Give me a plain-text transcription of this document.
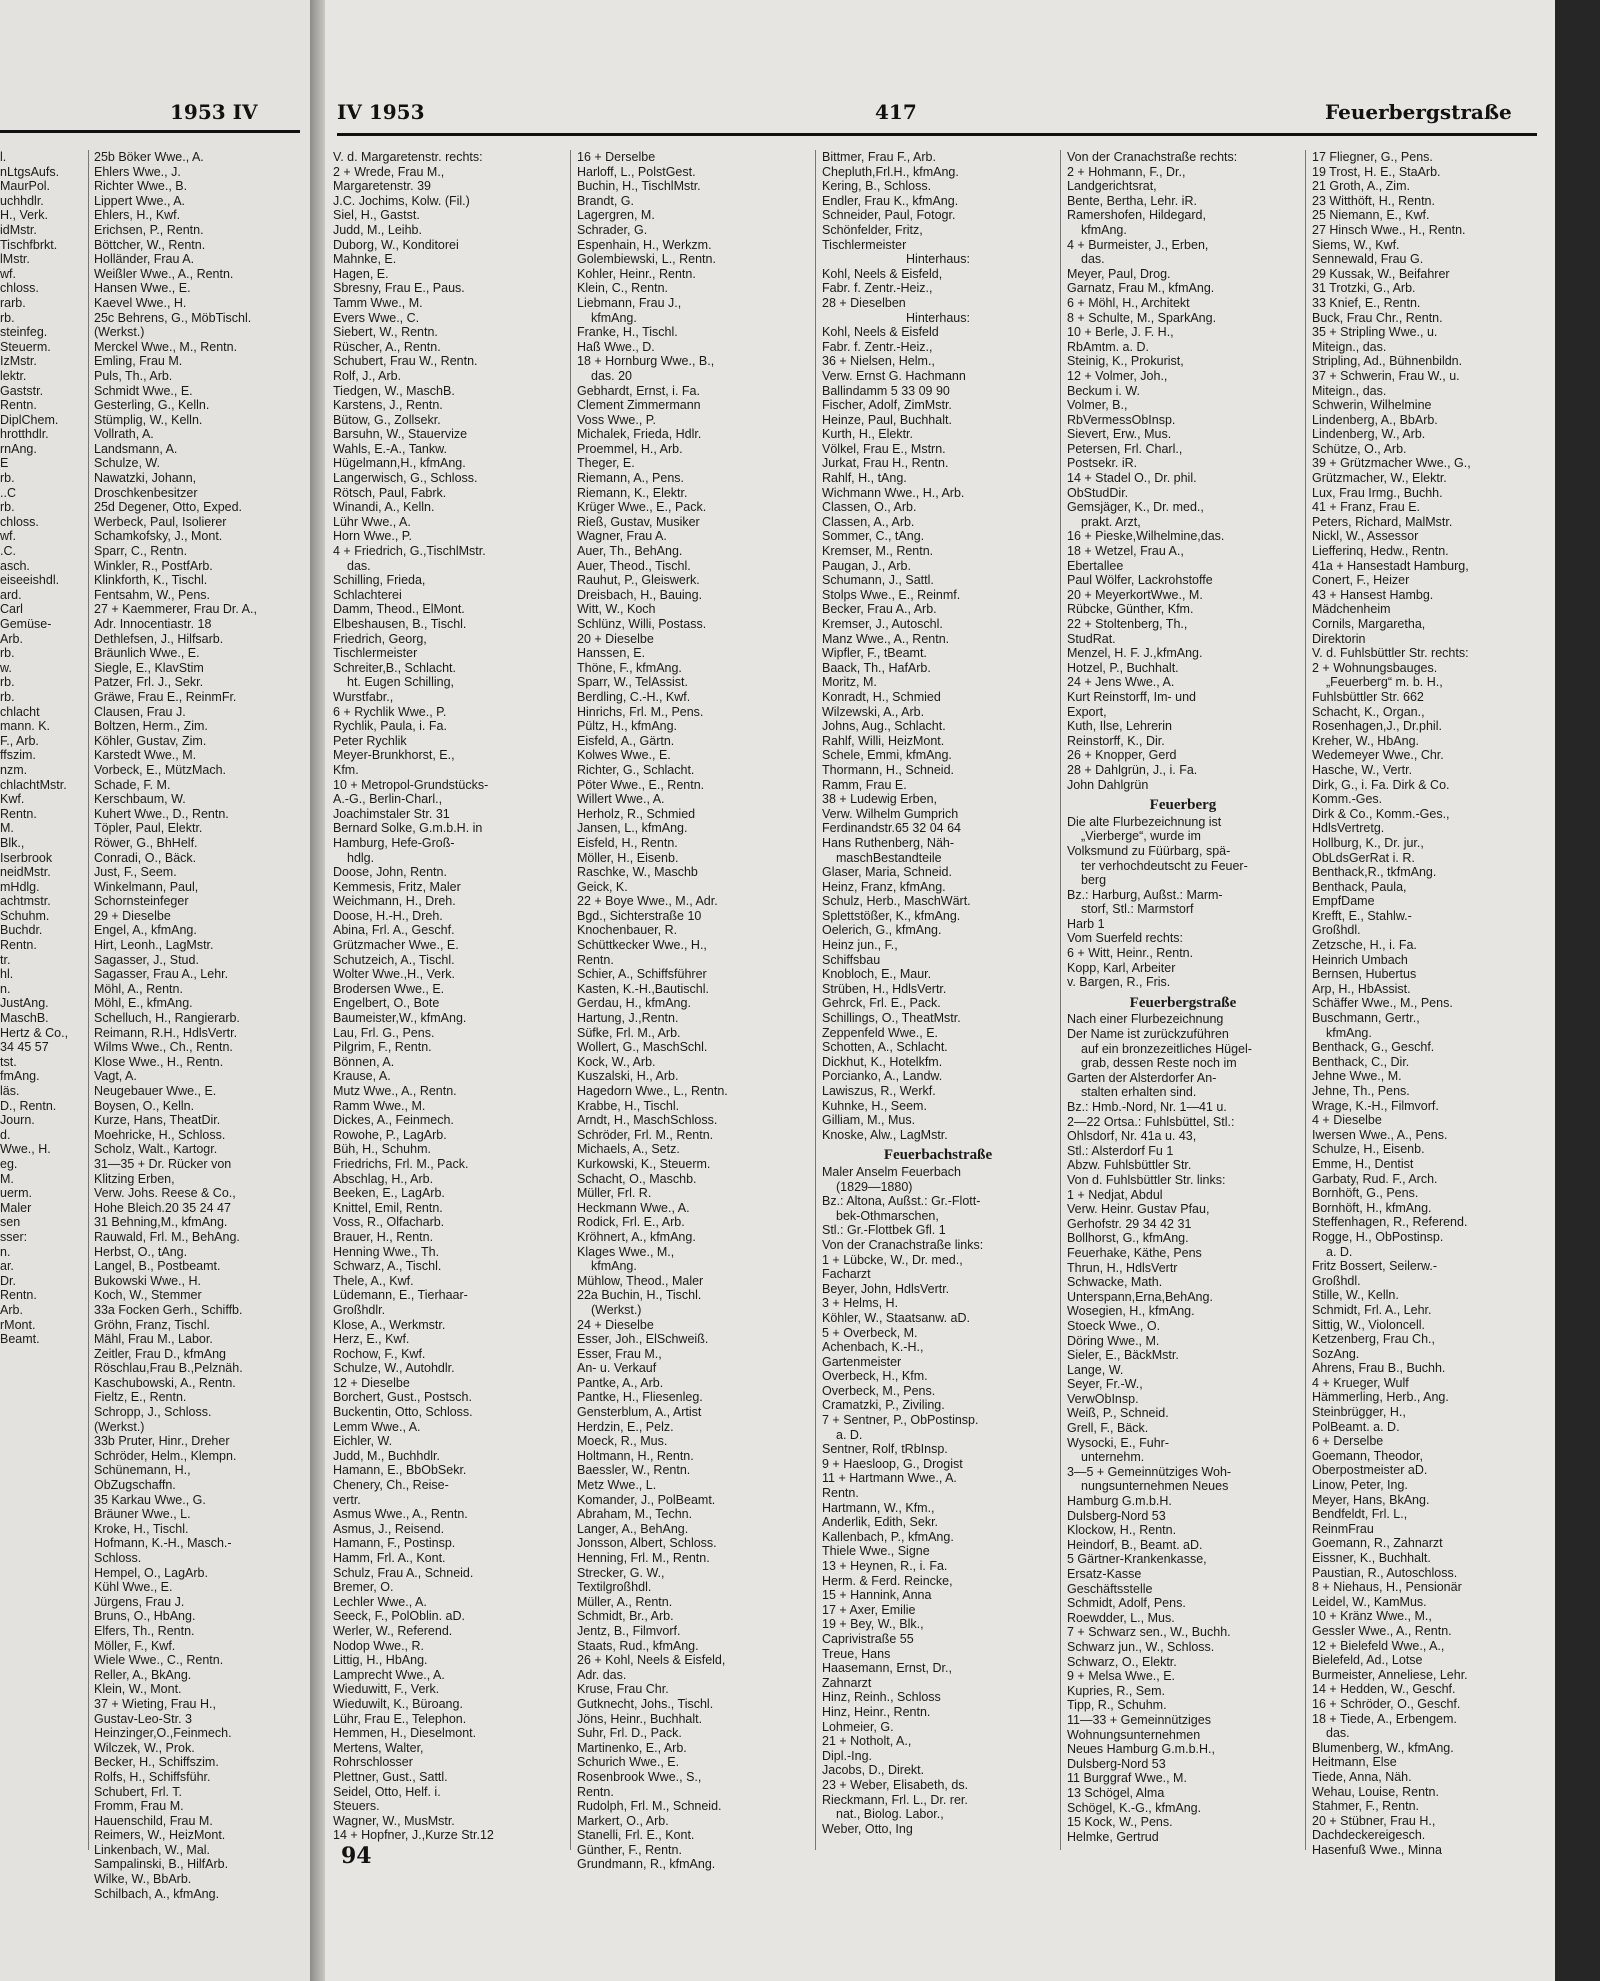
1953 IV
l.
nLtgsAufs.
MaurPol.
uchhdlr.
H., Verk.
idMstr.
Tischfbrkt.
lMstr.
wf.
chloss.
rarb.
rb.
steinfeg.
Steuerm.
IzMstr.
lektr.
Gaststr.
Rentn.
DiplChem.
hrotthdlr.
rnAng.
E
rb.
..C
rb.
chloss.
wf.
.C.
asch.
eiseeishdl.
ard.
Carl
Gemüse-
Arb.
rb.
w.
rb.
rb.
chlacht
mann. K.
F., Arb.
ffszim.
nzm.
chlachtMstr.
Kwf.
Rentn.
M.
Blk.,
Iserbrook
neidMstr.
mHdlg.
achtmstr.
Schuhm.
Buchdr.
Rentn.
tr.
hl.
n.
JustAng.
MaschB.
Hertz & Co.,
34 45 57
tst.
fmAng.
läs.
D., Rentn.
Journ.
d.
Wwe., H.
eg.
M.
uerm.
Maler
sen
sser:
n.
ar.
Dr.
Rentn.
Arb.
rMont.
Beamt.
25b Böker Wwe., A.
Ehlers Wwe., J.
Richter Wwe., B.
Lippert Wwe., A.
Ehlers, H., Kwf.
Erichsen, P., Rentn.
Böttcher, W., Rentn.
Holländer, Frau A.
Weißler Wwe., A., Rentn.
Hansen Wwe., E.
Kaevel Wwe., H.
25c Behrens, G., MöbTischl.
(Werkst.)
Merckel Wwe., M., Rentn.
Emling, Frau M.
Puls, Th., Arb.
Schmidt Wwe., E.
Gesterling, G., Kelln.
Stümplig, W., Kelln.
Vollrath, A.
Landsmann, A.
Schulze, W.
Nawatzki, Johann,
Droschkenbesitzer
25d Degener, Otto, Exped.
Werbeck, Paul, Isolierer
Schamkofsky, J., Mont.
Sparr, C., Rentn.
Winkler, R., PostfArb.
Klinkforth, K., Tischl.
Fentsahm, W., Pens.
27 + Kaemmerer, Frau Dr. A.,
Adr. Innocentiastr. 18
Dethlefsen, J., Hilfsarb.
Bräunlich Wwe., E.
Siegle, E., KlavStim
Patzer, Frl. J., Sekr.
Gräwe, Frau E., ReinmFr.
Clausen, Frau J.
Boltzen, Herm., Zim.
Köhler, Gustav, Zim.
Karstedt Wwe., M.
Vorbeck, E., MützMach.
Schade, F. M.
Kerschbaum, W.
Kuhert Wwe., D., Rentn.
Töpler, Paul, Elektr.
Röwer, G., BhHelf.
Conradi, O., Bäck.
Just, F., Seem.
Winkelmann, Paul,
Schornsteinfeger
29 + Dieselbe
Engel, A., kfmAng.
Hirt, Leonh., LagMstr.
Sagasser, J., Stud.
Sagasser, Frau A., Lehr.
Möhl, A., Rentn.
Möhl, E., kfmAng.
Schelluch, H., Rangierarb.
Reimann, R.H., HdlsVertr.
Wilms Wwe., Ch., Rentn.
Klose Wwe., H., Rentn.
Vagt, A.
Neugebauer Wwe., E.
Boysen, O., Kelln.
Kurze, Hans, TheatDir.
Moehricke, H., Schloss.
Scholz, Walt., Kartogr.
31—35 + Dr. Rücker von
Klitzing Erben,
Verw. Johs. Reese & Co.,
Hohe Bleich.20 35 24 47
31 Behning,M., kfmAng.
Rauwald, Frl. M., BehAng.
Herbst, O., tAng.
Langel, B., Postbeamt.
Bukowski Wwe., H.
Koch, W., Stemmer
33a Focken Gerh., Schiffb.
Gröhn, Franz, Tischl.
Mähl, Frau M., Labor.
Zeitler, Frau D., kfmAng
Röschlau,Frau B.,Pelznäh.
Kaschubowski, A., Rentn.
Fieltz, E., Rentn.
Schropp, J., Schloss.
(Werkst.)
33b Pruter, Hinr., Dreher
Schröder, Helm., Klempn.
Schünemann, H.,
ObZugschaffn.
35 Karkau Wwe., G.
Bräuner Wwe., L.
Kroke, H., Tischl.
Hofmann, K.-H., Masch.-
Schloss.
Hempel, O., LagArb.
Kühl Wwe., E.
Jürgens, Frau J.
Bruns, O., HbAng.
Elfers, Th., Rentn.
Möller, F., Kwf.
Wiele Wwe., C., Rentn.
Reller, A., BkAng.
Klein, W., Mont.
37 + Wieting, Frau H.,
Gustav-Leo-Str. 3
Heinzinger,O.,Feinmech.
Wilczek, W., Prok.
Becker, H., Schiffszim.
Rolfs, H., Schiffsführ.
Schubert, Frl. T.
Fromm, Frau M.
Hauenschild, Frau M.
Reimers, W., HeizMont.
Linkenbach, W., Mal.
Sampalinski, B., HilfArb.
Wilke, W., BbArb.
Schilbach, A., kfmAng.
IV 1953	417	Feuerbergstraße
V. d. Margaretenstr. rechts:
2 + Wrede, Frau M.,
Margaretenstr. 39
J.C. Jochims, Kolw. (Fil.)
Siel, H., Gastst.
Judd, M., Leihb.
Duborg, W., Konditorei
Mahnke, E.
Hagen, E.
Sbresny, Frau E., Paus.
Tamm Wwe., M.
Evers Wwe., C.
Siebert, W., Rentn.
Rüscher, A., Rentn.
Schubert, Frau W., Rentn.
Rolf, J., Arb.
Tiedgen, W., MaschB.
Karstens, J., Rentn.
Bütow, G., Zollsekr.
Barsuhn, W., Stauervize
Wahls, E.-A., Tankw.
Hügelmann,H., kfmAng.
Langerwisch, G., Schloss.
Rötsch, Paul, Fabrk.
Winandi, A., Kelln.
Lühr Wwe., A.
Horn Wwe., P.
4 + Friedrich, G.,TischlMstr.
das.
Schilling, Frieda,
Schlachterei
Damm, Theod., ElMont.
Elbeshausen, B., Tischl.
Friedrich, Georg,
Tischlermeister
Schreiter,B., Schlacht.
ht. Eugen Schilling,
Wurstfabr.,
6 + Rychlik Wwe., P.
Rychlik, Paula, i. Fa.
Peter Rychlik
Meyer-Brunkhorst, E.,
Kfm.
10 + Metropol-Grundstücks-
A.-G., Berlin-Charl.,
Joachimstaler Str. 31
Bernard Solke, G.m.b.H. in
Hamburg, Hefe-Groß-
hdlg.
Doose, John, Rentn.
Kemmesis, Fritz, Maler
Weichmann, H., Dreh.
Doose, H.-H., Dreh.
Abina, Frl. A., Geschf.
Grützmacher Wwe., E.
Schutzeich, A., Tischl.
Wolter Wwe.,H., Verk.
Brodersen Wwe., E.
Engelbert, O., Bote
Baumeister,W., kfmAng.
Lau, Frl. G., Pens.
Pilgrim, F., Rentn.
Bönnen, A.
Krause, A.
Mutz Wwe., A., Rentn.
Ramm Wwe., M.
Dickes, A., Feinmech.
Rowohe, P., LagArb.
Büh, H., Schuhm.
Friedrichs, Frl. M., Pack.
Abschlag, H., Arb.
Beeken, E., LagArb.
Knittel, Emil, Rentn.
Voss, R., Olfacharb.
Brauer, H., Rentn.
Henning Wwe., Th.
Schwarz, A., Tischl.
Thele, A., Kwf.
Lüdemann, E., Tierhaar-
Großhdlr.
Klose, A., Werkmstr.
Herz, E., Kwf.
Rochow, F., Kwf.
Schulze, W., Autohdlr.
12 + Dieselbe
Borchert, Gust., Postsch.
Buckentin, Otto, Schloss.
Lemm Wwe., A.
Eichler, W.
Judd, M., Buchhdlr.
Hamann, E., BbObSekr.
Chenery, Ch., Reise-
vertr.
Asmus Wwe., A., Rentn.
Asmus, J., Reisend.
Hamann, F., Postinsp.
Hamm, Frl. A., Kont.
Schulz, Frau A., Schneid.
Bremer, O.
Lechler Wwe., A.
Seeck, F., PolOblin. aD.
Werler, W., Referend.
Nodop Wwe., R.
Littig, H., HbAng.
Lamprecht Wwe., A.
Wieduwitt, F., Verk.
Wieduwilt, K., Büroang.
Lühr, Frau E., Telephon.
Hemmen, H., Dieselmont.
Mertens, Walter,
Rohrschlosser
Plettner, Gust., Sattl.
Seidel, Otto, Helf. i.
Steuers.
Wagner, W., MusMstr.
14 + Hopfner, J.,Kurze Str.12
16 + Derselbe
Harloff, L., PolstGest.
Buchin, H., TischlMstr.
Brandt, G.
Lagergren, M.
Schrader, G.
Espenhain, H., Werkzm.
Golembiewski, L., Rentn.
Kohler, Heinr., Rentn.
Klein, C., Rentn.
Liebmann, Frau J.,
kfmAng.
Franke, H., Tischl.
Haß Wwe., D.
18 + Hornburg Wwe., B.,
das. 20
Gebhardt, Ernst, i. Fa.
Clement Zimmermann
Voss Wwe., P.
Michalek, Frieda, Hdlr.
Proemmel, H., Arb.
Theger, E.
Riemann, A., Pens.
Riemann, K., Elektr.
Krüger Wwe., E., Pack.
Rieß, Gustav, Musiker
Wagner, Frau A.
Auer, Th., BehAng.
Auer, Theod., Tischl.
Rauhut, P., Gleiswerk.
Dreisbach, H., Bauing.
Witt, W., Koch
Schlünz, Willi, Postass.
20 + Dieselbe
Hanssen, E.
Thöne, F., kfmAng.
Sparr, W., TelAssist.
Berdling, C.-H., Kwf.
Hinrichs, Frl. M., Pens.
Pültz, H., kfmAng.
Eisfeld, A., Gärtn.
Kolwes Wwe., E.
Richter, G., Schlacht.
Pöter Wwe., E., Rentn.
Willert Wwe., A.
Herholz, R., Schmied
Jansen, L., kfmAng.
Eisfeld, H., Rentn.
Möller, H., Eisenb.
Raschke, W., Maschb
Geick, K.
22 + Boye Wwe., M., Adr.
Bgd., Sichterstraße 10
Knochenbauer, R.
Schüttkecker Wwe., H.,
Rentn.
Schier, A., Schiffsführer
Kasten, K.-H.,Bautischl.
Gerdau, H., kfmAng.
Hartung, J.,Rentn.
Süfke, Frl. M., Arb.
Wollert, G., MaschSchl.
Kock, W., Arb.
Kuszalski, H., Arb.
Hagedorn Wwe., L., Rentn.
Krabbe, H., Tischl.
Arndt, H., MaschSchloss.
Schröder, Frl. M., Rentn.
Michaels, A., Setz.
Kurkowski, K., Steuerm.
Schacht, O., Maschb.
Müller, Frl. R.
Heckmann Wwe., A.
Rodick, Frl. E., Arb.
Kröhnert, A., kfmAng.
Klages Wwe., M.,
kfmAng.
Mühlow, Theod., Maler
22a Buchin, H., Tischl.
(Werkst.)
24 + Dieselbe
Esser, Joh., ElSchweiß.
Esser, Frau M.,
An- u. Verkauf
Pantke, A., Arb.
Pantke, H., Fliesenleg.
Gensterblum, A., Artist
Herdzin, E., Pelz.
Moeck, R., Mus.
Holtmann, H., Rentn.
Baessler, W., Rentn.
Metz Wwe., L.
Komander, J., PolBeamt.
Abraham, M., Techn.
Langer, A., BehAng.
Jonsson, Albert, Schloss.
Henning, Frl. M., Rentn.
Strecker, G. W.,
Textilgroßhdl.
Müller, A., Rentn.
Schmidt, Br., Arb.
Jentz, B., Filmvorf.
Staats, Rud., kfmAng.
26 + Kohl, Neels & Eisfeld,
Adr. das.
Kruse, Frau Chr.
Gutknecht, Johs., Tischl.
Jöns, Heinr., Buchhalt.
Suhr, Frl. D., Pack.
Martinenko, E., Arb.
Schurich Wwe., E.
Rosenbrook Wwe., S.,
Rentn.
Rudolph, Frl. M., Schneid.
Markert, O., Arb.
Stanelli, Frl. E., Kont.
Günther, F., Rentn.
Grundmann, R., kfmAng.
Bittmer, Frau F., Arb.
Chepluth,Frl.H., kfmAng.
Kering, B., Schloss.
Endler, Frau K., kfmAng.
Schneider, Paul, Fotogr.
Schönfelder, Fritz,
Tischlermeister
Hinterhaus:
Kohl, Neels & Eisfeld,
Fabr. f. Zentr.-Heiz.,
28 + Dieselben
Hinterhaus:
Kohl, Neels & Eisfeld
Fabr. f. Zentr.-Heiz.,
36 + Nielsen, Helm.,
Verw. Ernst G. Hachmann
Ballindamm 5 33 09 90
Fischer, Adolf, ZimMstr.
Heinze, Paul, Buchhalt.
Kurth, H., Elektr.
Völkel, Frau E., Mstrn.
Jurkat, Frau H., Rentn.
Rahlf, H., tAng.
Wichmann Wwe., H., Arb.
Classen, O., Arb.
Classen, A., Arb.
Sommer, C., tAng.
Kremser, M., Rentn.
Paugan, J., Arb.
Schumann, J., Sattl.
Stolps Wwe., E., Reinmf.
Becker, Frau A., Arb.
Kremser, J., Autoschl.
Manz Wwe., A., Rentn.
Wipfler, F., tBeamt.
Baack, Th., HafArb.
Moritz, M.
Konradt, H., Schmied
Wilzewski, A., Arb.
Johns, Aug., Schlacht.
Rahlf, Willi, HeizMont.
Schele, Emmi, kfmAng.
Thormann, H., Schneid.
Ramm, Frau E.
38 + Ludewig Erben,
Verw. Wilhelm Gumprich
Ferdinandstr.65 32 04 64
Hans Ruthenberg, Näh-
maschBestandteile
Glaser, Maria, Schneid.
Heinz, Franz, kfmAng.
Schulz, Herb., MaschWärt.
Splettstößer, K., kfmAng.
Oelerich, G., kfmAng.
Heinz jun., F.,
Schiffsbau
Knobloch, E., Maur.
Strüben, H., HdlsVertr.
Gehrck, Frl. E., Pack.
Schillings, O., TheatMstr.
Zeppenfeld Wwe., E.
Schotten, A., Schlacht.
Dickhut, K., Hotelkfm.
Porcianko, A., Landw.
Lawiszus, R., Werkf.
Kuhnke, H., Seem.
Gilliam, M., Mus.
Knoske, Alw., LagMstr.
Feuerbachstraße
Maler Anselm Feuerbach
(1829—1880)
Bz.: Altona, Außst.: Gr.-Flott-
bek-Othmarschen,
Stl.: Gr.-Flottbek Gfl. 1
Von der Cranachstraße links:
1 + Lübcke, W., Dr. med.,
Facharzt
Beyer, John, HdlsVertr.
3 + Helms, H.
Köhler, W., Staatsanw. aD.
5 + Overbeck, M.
Achenbach, K.-H.,
Gartenmeister
Overbeck, H., Kfm.
Overbeck, M., Pens.
Cramatzki, P., Ziviling.
7 + Sentner, P., ObPostinsp.
a. D.
Sentner, Rolf, tRbInsp.
9 + Haesloop, G., Drogist
11 + Hartmann Wwe., A.
Rentn.
Hartmann, W., Kfm.,
Anderlik, Edith, Sekr.
Kallenbach, P., kfmAng.
Thiele Wwe., Signe
13 + Heynen, R., i. Fa.
Herm. & Ferd. Reincke,
15 + Hannink, Anna
17 + Axer, Emilie
19 + Bey, W., Blk.,
Caprivistraße 55
Treue, Hans
Haasemann, Ernst, Dr.,
Zahnarzt
Hinz, Reinh., Schloss
Hinz, Heinr., Rentn.
Lohmeier, G.
21 + Notholt, A.,
Dipl.-Ing.
Jacobs, D., Direkt.
23 + Weber, Elisabeth, ds.
Rieckmann, Frl. L., Dr. rer.
nat., Biolog. Labor.,
Weber, Otto, Ing
Von der Cranachstraße rechts:
2 + Hohmann, F., Dr.,
Landgerichtsrat,
Bente, Bertha, Lehr. iR.
Ramershofen, Hildegard,
kfmAng.
4 + Burmeister, J., Erben,
das.
Meyer, Paul, Drog.
Garnatz, Frau M., kfmAng.
6 + Möhl, H., Architekt
8 + Schulte, M., SparkAng.
10 + Berle, J. F. H.,
RbAmtm. a. D.
Steinig, K., Prokurist,
12 + Volmer, Joh.,
Beckum i. W.
Volmer, B.,
RbVermessObInsp.
Sievert, Erw., Mus.
Petersen, Frl. Charl.,
Postsekr. iR.
14 + Stadel O., Dr. phil.
ObStudDir.
Gemsjäger, K., Dr. med.,
prakt. Arzt,
16 + Pieske,Wilhelmine,das.
18 + Wetzel, Frau A.,
Ebertallee
Paul Wölfer, Lackrohstoffe
20 + MeyerkortWwe., M.
Rübcke, Günther, Kfm.
22 + Stoltenberg, Th.,
StudRat.
Menzel, H. F. J.,kfmAng.
Hotzel, P., Buchhalt.
24 + Jens Wwe., A.
Kurt Reinstorff, Im- und
Export,
Kuth, Ilse, Lehrerin
Reinstorff, K., Dir.
26 + Knopper, Gerd
28 + Dahlgrün, J., i. Fa.
John Dahlgrün
Feuerberg
Die alte Flurbezeichnung ist
„Vierberge“, wurde im
Volksmund zu Füürbarg, spä-
ter verhochdeutscht zu Feuer-
berg
Bz.: Harburg, Außst.: Marm-
storf, Stl.: Marmstorf
Harb 1
Vom Suerfeld rechts:
6 + Witt, Heinr., Rentn.
Kopp, Karl, Arbeiter
v. Bargen, R., Fris.
Feuerbergstraße
Nach einer Flurbezeichnung
Der Name ist zurückzuführen
auf ein bronzezeitliches Hügel-
grab, dessen Reste noch im
Garten der Alsterdorfer An-
stalten erhalten sind.
Bz.: Hmb.-Nord, Nr. 1—41 u.
2—22 Ortsa.: Fuhlsbüttel, Stl.:
Ohlsdorf, Nr. 41a u. 43,
Stl.: Alsterdorf Fu 1
Abzw. Fuhlsbüttler Str.
Von d. Fuhlsbüttler Str. links:
1 + Nedjat, Abdul
Verw. Heinr. Gustav Pfau,
Gerhofstr. 29 34 42 31
Bollhorst, G., kfmAng.
Feuerhake, Käthe, Pens
Thrun, H., HdlsVertr
Schwacke, Math.
Unterspann,Erna,BehAng.
Wosegien, H., kfmAng.
Stoeck Wwe., O.
Döring Wwe., M.
Sieler, E., BäckMstr.
Lange, W.
Seyer, Fr.-W.,
VerwObInsp.
Weiß, P., Schneid.
Grell, F., Bäck.
Wysocki, E., Fuhr-
unternehm.
3—5 + Gemeinnütziges Woh-
nungsunternehmen Neues
Hamburg G.m.b.H.
Dulsberg-Nord 53
Klockow, H., Rentn.
Heindorf, B., Beamt. aD.
5 Gärtner-Krankenkasse,
Ersatz-Kasse
Geschäftsstelle
Schmidt, Adolf, Pens.
Roewdder, L., Mus.
7 + Schwarz sen., W., Buchh.
Schwarz jun., W., Schloss.
Schwarz, O., Elektr.
9 + Melsa Wwe., E.
Kupries, R., Sem.
Tipp, R., Schuhm.
11—33 + Gemeinnütziges
Wohnungsunternehmen
Neues Hamburg G.m.b.H.,
Dulsberg-Nord 53
11 Burggraf Wwe., M.
13 Schögel, Alma
Schögel, K.-G., kfmAng.
15 Kock, W., Pens.
Helmke, Gertrud
17 Fliegner, G., Pens.
19 Trost, H. E., StaArb.
21 Groth, A., Zim.
23 Witthöft, H., Rentn.
25 Niemann, E., Kwf.
27 Hinsch Wwe., H., Rentn.
Siems, W., Kwf.
Sennewald, Frau G.
29 Kussak, W., Beifahrer
31 Trotzki, G., Arb.
33 Knief, E., Rentn.
Buck, Frau Chr., Rentn.
35 + Stripling Wwe., u.
Miteign., das.
Stripling, Ad., Bühnenbildn.
37 + Schwerin, Frau W., u.
Miteign., das.
Schwerin, Wilhelmine
Lindenberg, A., BbArb.
Lindenberg, W., Arb.
Schütze, O., Arb.
39 + Grützmacher Wwe., G.,
Grützmacher, W., Elektr.
Lux, Frau Irmg., Buchh.
41 + Franz, Frau E.
Peters, Richard, MalMstr.
Nickl, W., Assessor
Liefferinq, Hedw., Rentn.
41a + Hansestadt Hamburg,
Conert, F., Heizer
43 + Hansest Hambg.
Mädchenheim
Cornils, Margaretha,
Direktorin
V. d. Fuhlsbüttler Str. rechts:
2 + Wohnungsbauges.
„Feuerberg“ m. b. H.,
Fuhlsbüttler Str. 662
Schacht, K., Organ.,
Rosenhagen,J., Dr.phil.
Kreher, W., HbAng.
Wedemeyer Wwe., Chr.
Hasche, W., Vertr.
Dirk, G., i. Fa. Dirk & Co.
Komm.-Ges.
Dirk & Co., Komm.-Ges.,
HdlsVertretg.
Hollburg, K., Dr. jur.,
ObLdsGerRat i. R.
Benthack,R., tkfmAng.
Benthack, Paula,
EmpfDame
Krefft, E., Stahlw.-
Großhdl.
Zetzsche, H., i. Fa.
Heinrich Umbach
Bernsen, Hubertus
Arp, H., HbAssist.
Schäffer Wwe., M., Pens.
Buschmann, Gertr.,
kfmAng.
Benthack, G., Geschf.
Benthack, C., Dir.
Jehne Wwe., M.
Jehne, Th., Pens.
Wrage, K.-H., Filmvorf.
4 + Dieselbe
Iwersen Wwe., A., Pens.
Schulze, H., Eisenb.
Emme, H., Dentist
Garbaty, Rud. F., Arch.
Bornhöft, G., Pens.
Bornhöft, H., kfmAng.
Steffenhagen, R., Referend.
Rogge, H., ObPostinsp.
a. D.
Fritz Bossert, Seilerw.-
Großhdl.
Stille, W., Kelln.
Schmidt, Frl. A., Lehr.
Sittig, W., Violoncell.
Ketzenberg, Frau Ch.,
SozAng.
Ahrens, Frau B., Buchh.
4 + Krueger, Wulf
Hämmerling, Herb., Ang.
Steinbrügger, H.,
PolBeamt. a. D.
6 + Derselbe
Goemann, Theodor,
Oberpostmeister aD.
Linow, Peter, Ing.
Meyer, Hans, BkAng.
Bendfeldt, Frl. L.,
ReinmFrau
Goemann, R., Zahnarzt
Eissner, K., Buchhalt.
Paustian, R., Autoschloss.
8 + Niehaus, H., Pensionär
Leidel, W., KamMus.
10 + Kränz Wwe., M.,
Gessler Wwe., A., Rentn.
12 + Bielefeld Wwe., A.,
Bielefeld, Ad., Lotse
Burmeister, Anneliese, Lehr.
14 + Hedden, W., Geschf.
16 + Schröder, O., Geschf.
18 + Tiede, A., Erbengem.
das.
Blumenberg, W., kfmAng.
Heitmann, Else
Tiede, Anna, Näh.
Wehau, Louise, Rentn.
Stahmer, F., Rentn.
20 + Stübner, Frau H.,
Dachdeckereigesch.
Hasenfuß Wwe., Minna
94
